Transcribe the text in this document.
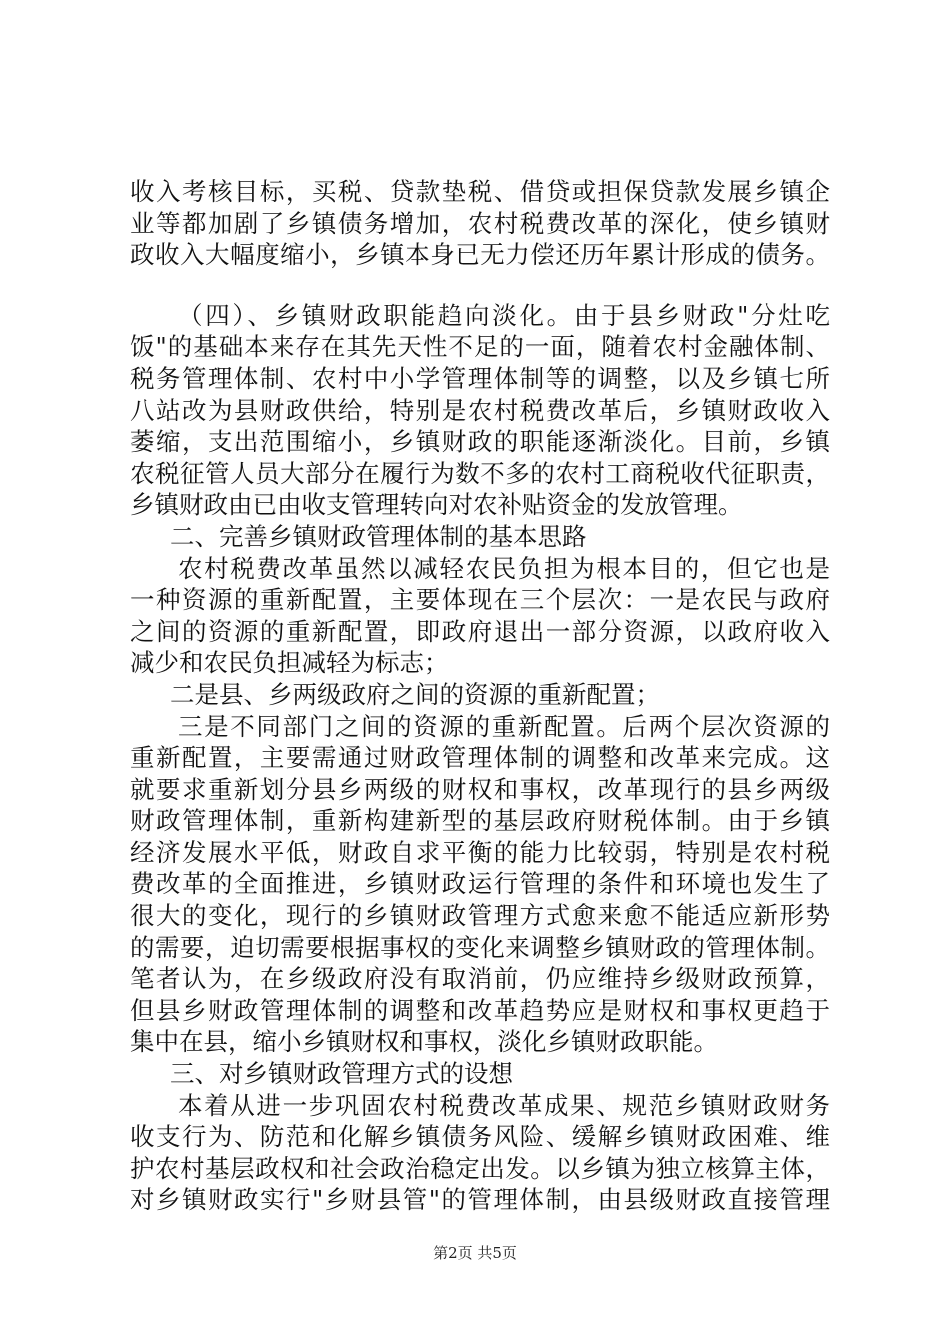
收入考核目标，买税、贷款垫税、借贷或担保贷款发展乡镇企
业等都加剧了乡镇债务增加，农村税费改革的深化，使乡镇财
政收入大幅度缩小，乡镇本身已无力偿还历年累计形成的债务。
（四）、乡镇财政职能趋向淡化。由于县乡财政"分灶吃
饭"的基础本来存在其先天性不足的一面，随着农村金融体制、
税务管理体制、农村中小学管理体制等的调整，以及乡镇七所
八站改为县财政供给，特别是农村税费改革后，乡镇财政收入
萎缩，支出范围缩小，乡镇财政的职能逐渐淡化。目前，乡镇
农税征管人员大部分在履行为数不多的农村工商税收代征职责，
乡镇财政由已由收支管理转向对农补贴资金的发放管理。
二、完善乡镇财政管理体制的基本思路
农村税费改革虽然以减轻农民负担为根本目的，但它也是
一种资源的重新配置，主要体现在三个层次：一是农民与政府
之间的资源的重新配置，即政府退出一部分资源，以政府收入
减少和农民负担减轻为标志；
二是县、乡两级政府之间的资源的重新配置；
三是不同部门之间的资源的重新配置。后两个层次资源的
重新配置，主要需通过财政管理体制的调整和改革来完成。这
就要求重新划分县乡两级的财权和事权，改革现行的县乡两级
财政管理体制，重新构建新型的基层政府财税体制。由于乡镇
经济发展水平低，财政自求平衡的能力比较弱，特别是农村税
费改革的全面推进，乡镇财政运行管理的条件和环境也发生了
很大的变化，现行的乡镇财政管理方式愈来愈不能适应新形势
的需要，迫切需要根据事权的变化来调整乡镇财政的管理体制。
笔者认为，在乡级政府没有取消前，仍应维持乡级财政预算，
但县乡财政管理体制的调整和改革趋势应是财权和事权更趋于
集中在县，缩小乡镇财权和事权，淡化乡镇财政职能。
三、对乡镇财政管理方式的设想
本着从进一步巩固农村税费改革成果、规范乡镇财政财务
收支行为、防范和化解乡镇债务风险、缓解乡镇财政困难、维
护农村基层政权和社会政治稳定出发。以乡镇为独立核算主体，
对乡镇财政实行"乡财县管"的管理体制，由县级财政直接管理
第2页 共5页
